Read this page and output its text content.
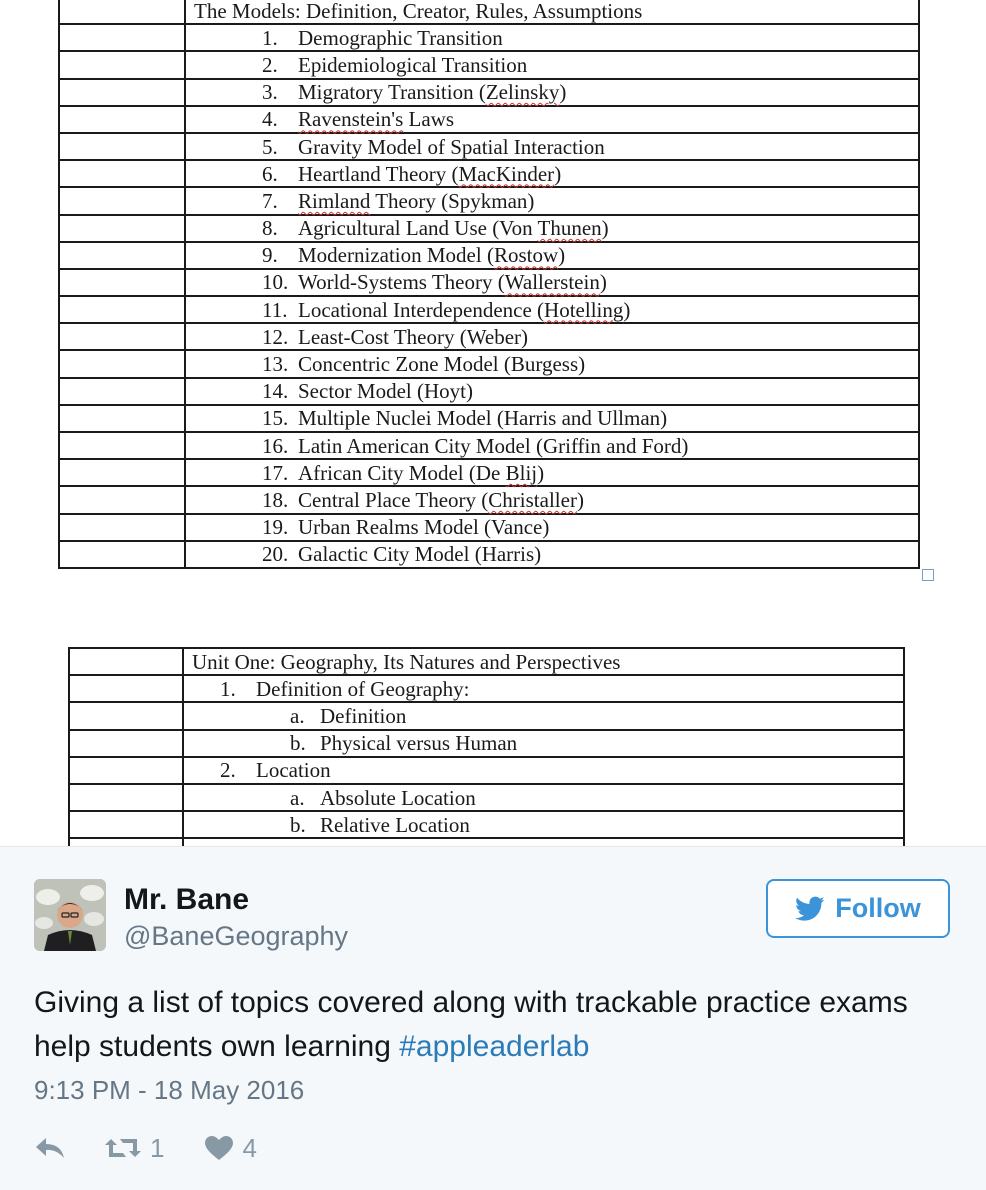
	The Models: Definition, Creator, Rules, Assumptions
	1. Demographic Transition
	2. Epidemiological Transition
	3. Migratory Transition (Zelinsky)
	4. Ravenstein's Laws
	5. Gravity Model of Spatial Interaction
	6. Heartland Theory (MacKinder)
	7. Rimland Theory (Spykman)
	8. Agricultural Land Use (Von Thunen)
	9. Modernization Model (Rostow)
	10. World-Systems Theory (Wallerstein)
	11. Locational Interdependence (Hotelling)
	12. Least-Cost Theory (Weber)
	13. Concentric Zone Model (Burgess)
	14. Sector Model (Hoyt)
	15. Multiple Nuclei Model (Harris and Ullman)
	16. Latin American City Model (Griffin and Ford)
	17. African City Model (De Blij)
	18. Central Place Theory (Christaller)
	19. Urban Realms Model (Vance)
	20. Galactic City Model (Harris)
	Unit One: Geography, Its Natures and Perspectives
	1. Definition of Geography:
	a. Definition
	b. Physical versus Human
	2. Location
	a. Absolute Location
	b. Relative Location
Mr. Bane
@BaneGeography
Follow
Giving a list of topics covered along with trackable practice exams help students own learning #appleaderlab
9:13 PM - 18 May 2016
1	4
